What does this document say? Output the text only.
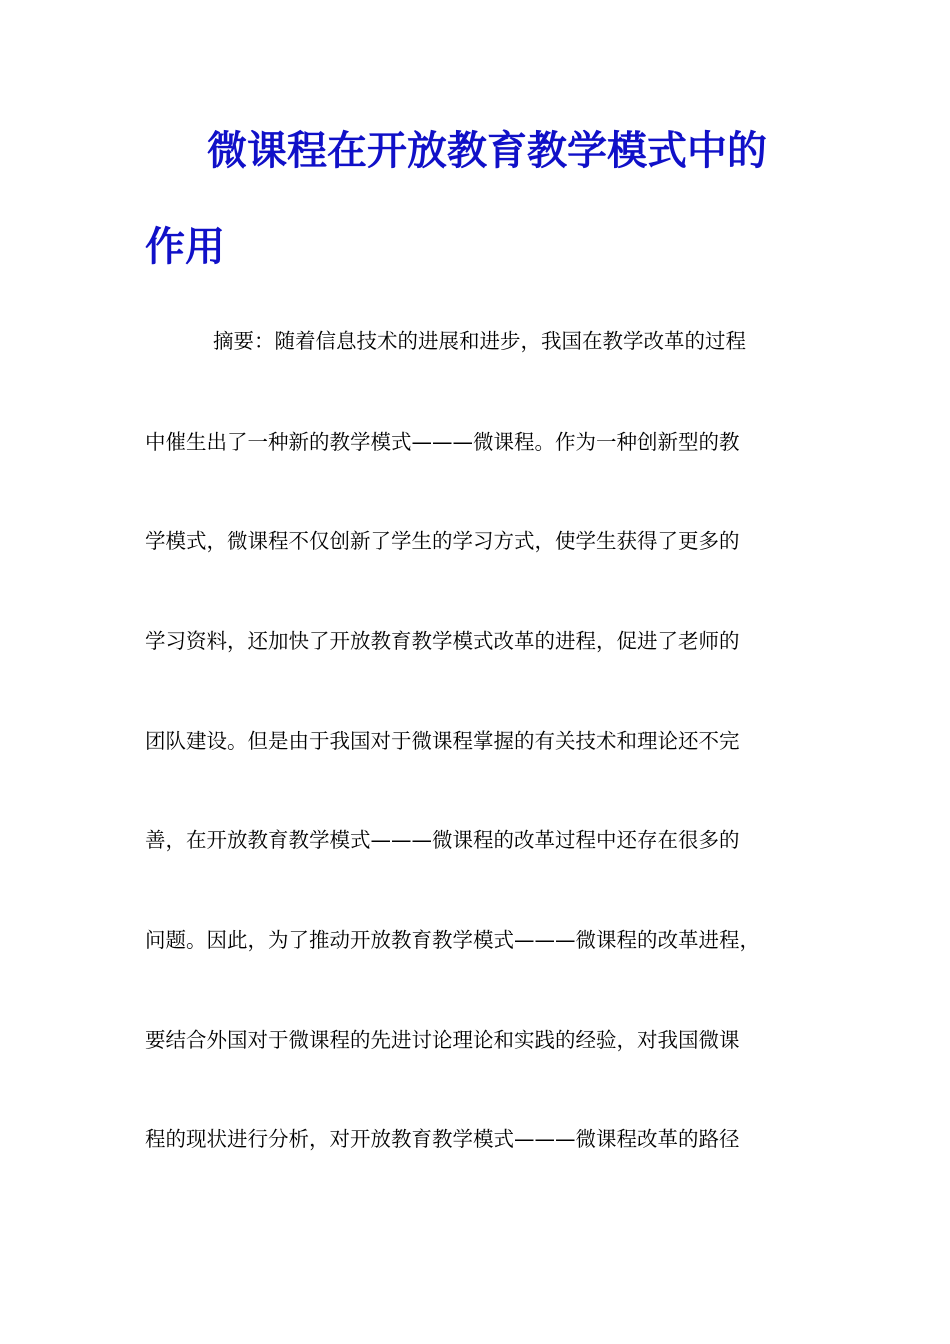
微课程在开放教育教学模式中的
作用

摘要：随着信息技术的进展和进步，我国在教学改革的过程

中催生出了一种新的教学模式———微课程。作为一种创新型的教

学模式，微课程不仅创新了学生的学习方式，使学生获得了更多的

学习资料，还加快了开放教育教学模式改革的进程，促进了老师的

团队建设。但是由于我国对于微课程掌握的有关技术和理论还不完

善，在开放教育教学模式———微课程的改革过程中还存在很多的

问题。因此，为了推动开放教育教学模式———微课程的改革进程，

要结合外国对于微课程的先进讨论理论和实践的经验，对我国微课

程的现状进行分析，对开放教育教学模式———微课程改革的路径
